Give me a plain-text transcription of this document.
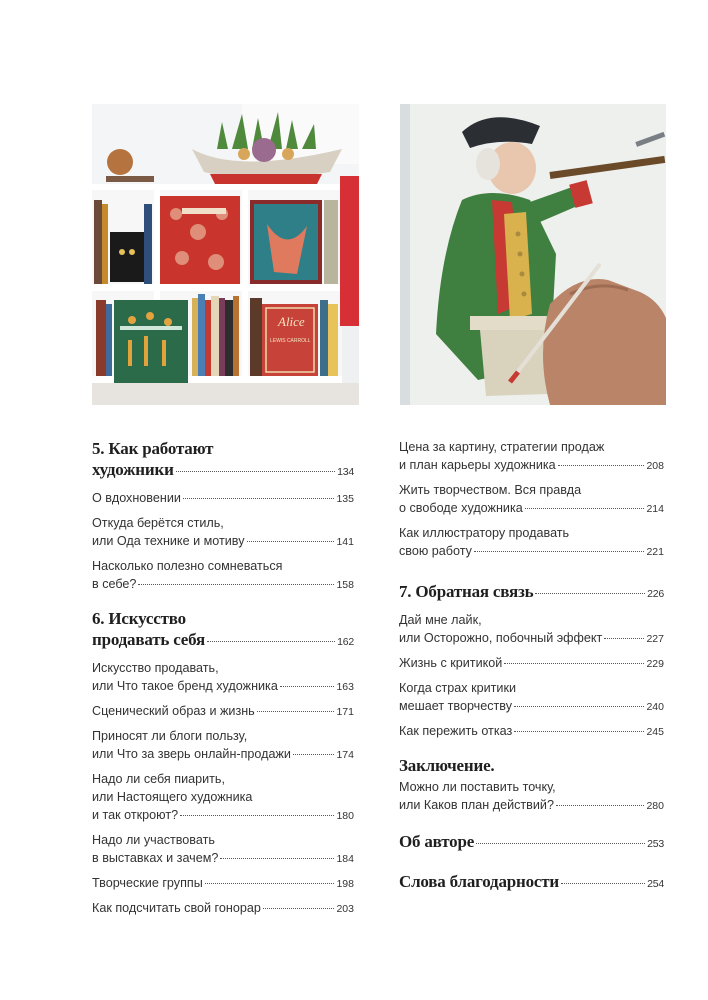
Alice
LEWIS CARROLL
5. Как работают
художники	134
О вдохновении	135
Откуда берётся стиль,
или Ода технике и мотиву	141
Насколько полезно сомневаться
в себе?	158
6. Искусство
продавать себя	162
Искусство продавать,
или Что такое бренд художника	163
Сценический образ и жизнь	171
Приносят ли блоги пользу,
или Что за зверь онлайн-продажи	174
Надо ли себя пиарить,
или Настоящего художника
и так откроют?	180
Надо ли участвовать
в выставках и зачем?	184
Творческие группы	198
Как подсчитать свой гонорар	203
Цена за картину, стратегии продаж
и план карьеры художника	208
Жить творчеством. Вся правда
о свободе художника	214
Как иллюстратору продавать
свою работу	221
7. Обратная связь	226
Дай мне лайк,
или Осторожно, побочный эффект	227
Жизнь с критикой	229
Когда страх критики
мешает творчеству	240
Как пережить отказ	245
Заключение.
Можно ли поставить точку,
или Каков план действий?	280
Об авторе	253
Слова благодарности	254
